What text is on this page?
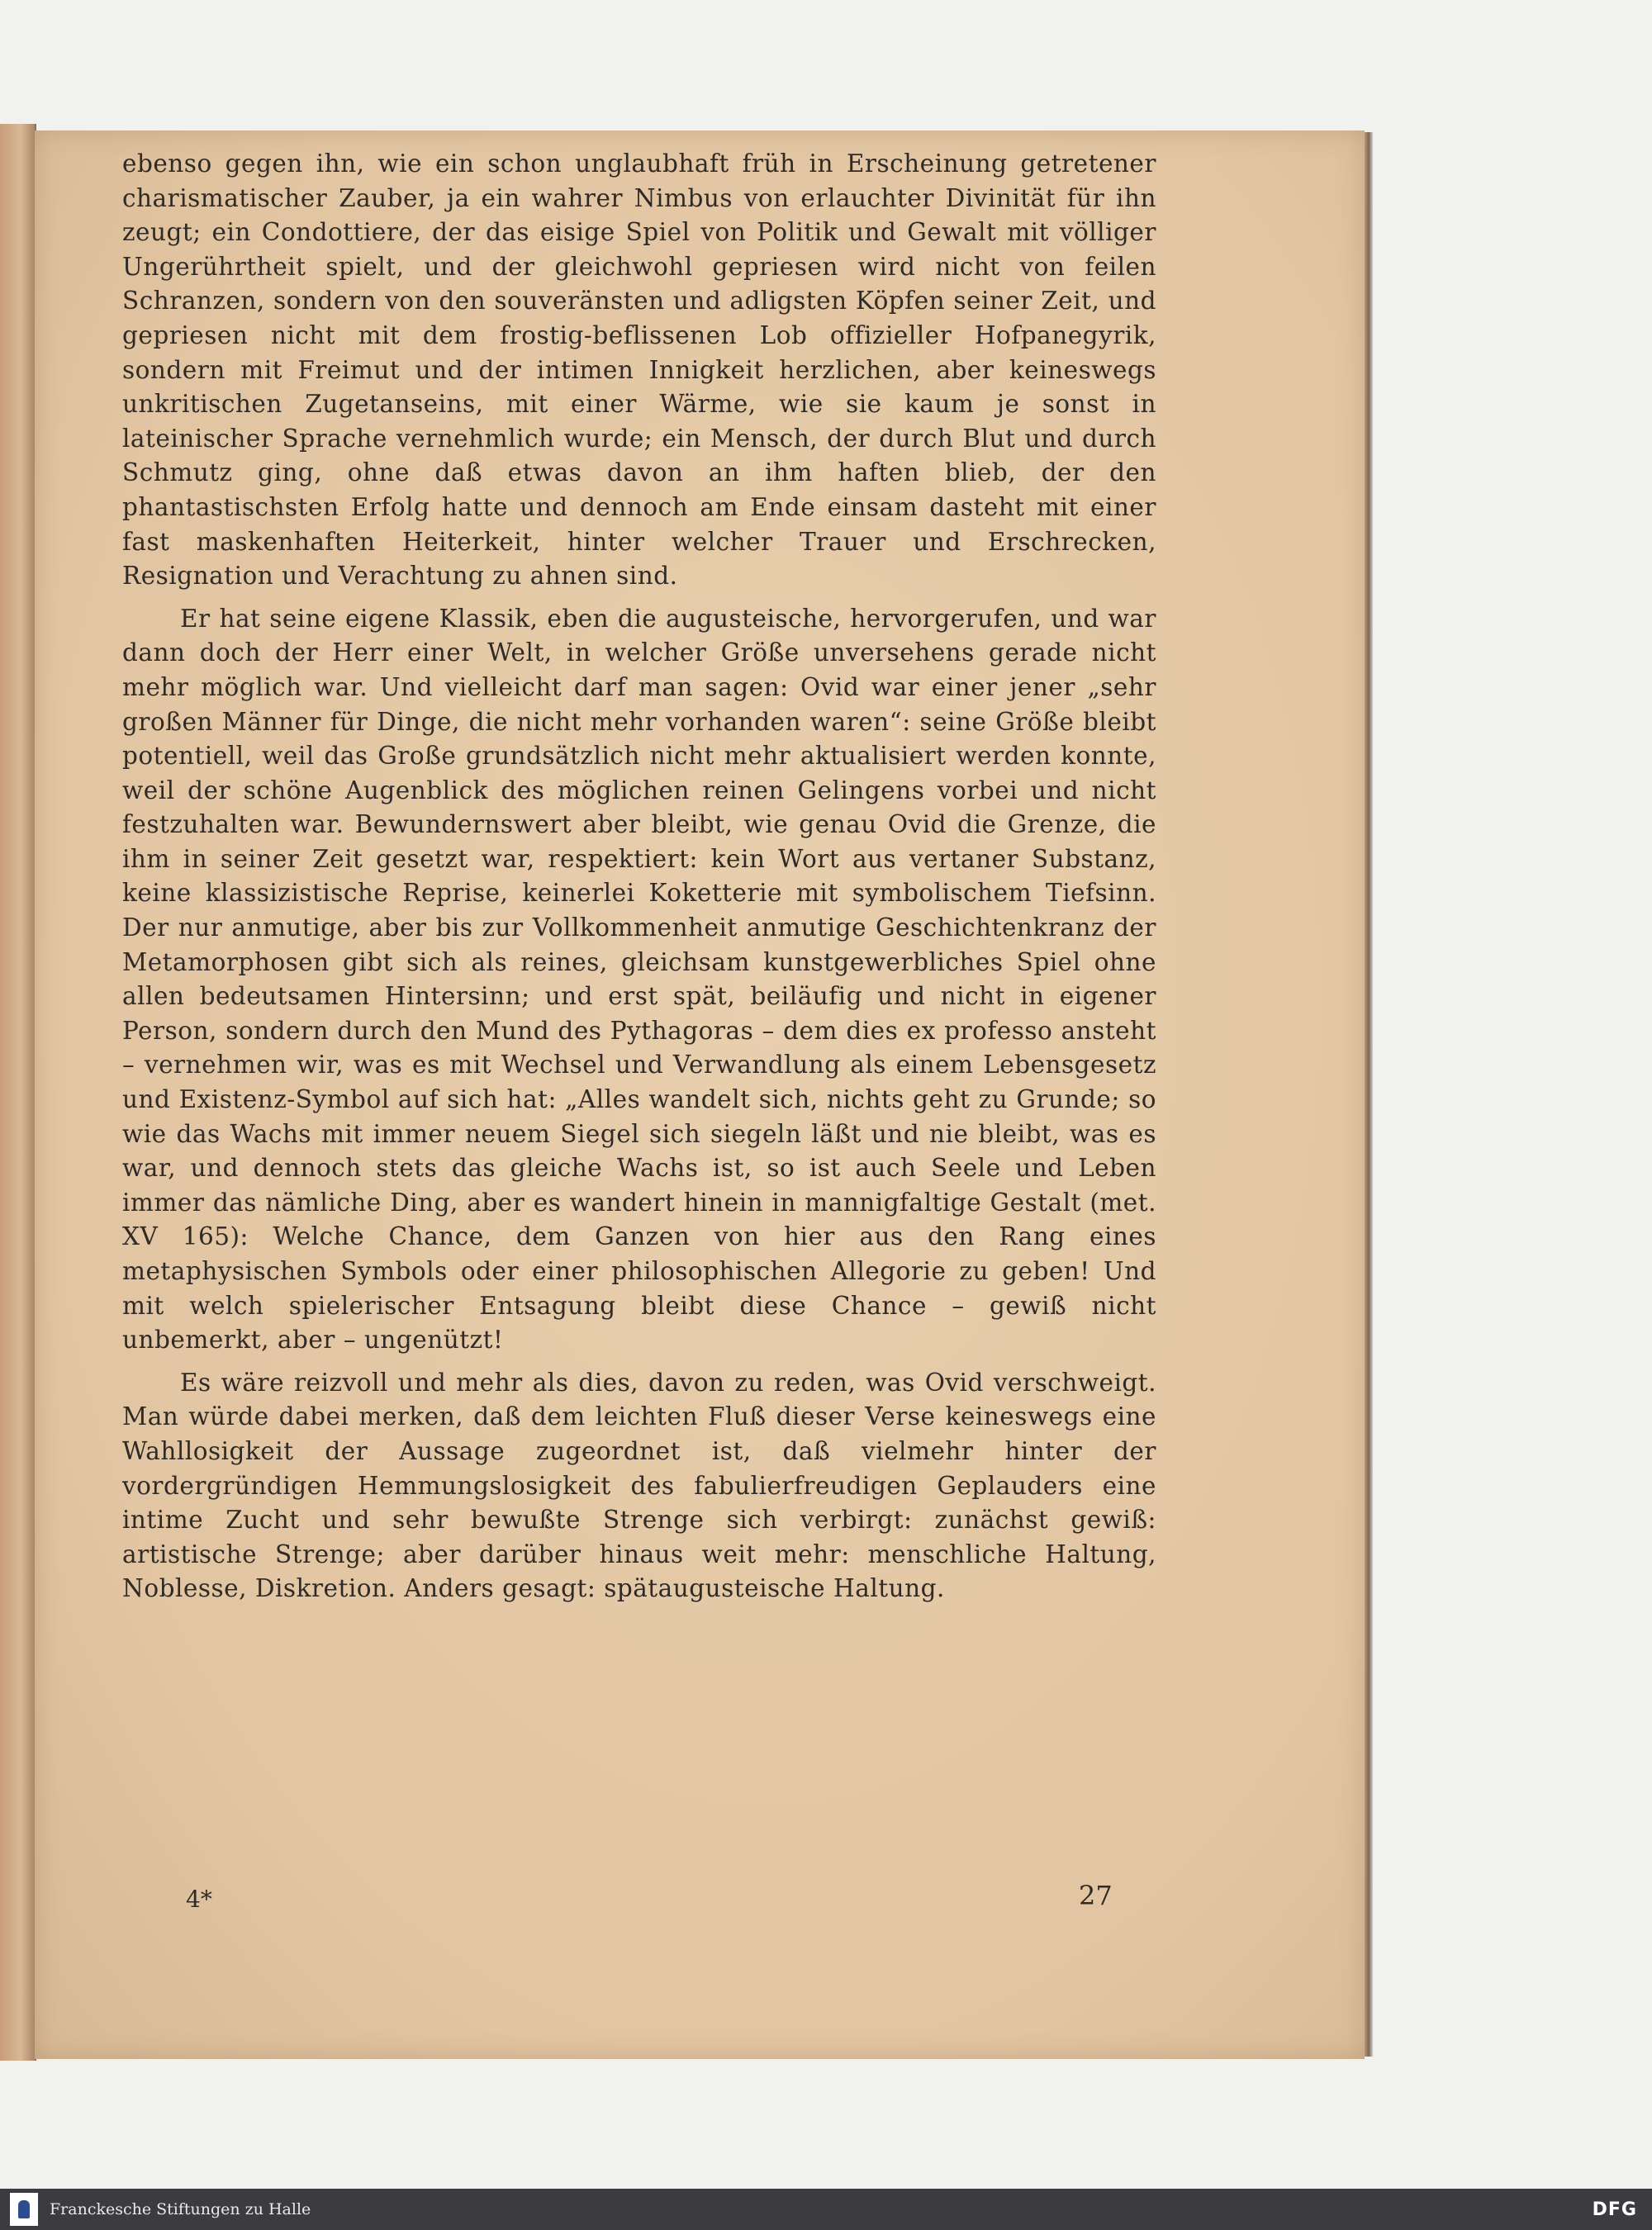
ebenso gegen ihn, wie ein schon unglaubhaft früh in Erscheinung getretener charismatischer Zauber, ja ein wahrer Nimbus von erlauchter Divinität für ihn zeugt; ein Condottiere, der das eisige Spiel von Politik und Gewalt mit völliger Ungerührtheit spielt, und der gleichwohl gepriesen wird nicht von feilen Schranzen, sondern von den souveränsten und adligsten Köpfen seiner Zeit, und gepriesen nicht mit dem frostig-beflissenen Lob offizieller Hofpanegyrik, sondern mit Freimut und der intimen Innigkeit herzlichen, aber keineswegs unkritischen Zugetanseins, mit einer Wärme, wie sie kaum je sonst in lateinischer Sprache vernehmlich wurde; ein Mensch, der durch Blut und durch Schmutz ging, ohne daß etwas davon an ihm haften blieb, der den phantastischsten Erfolg hatte und dennoch am Ende einsam dasteht mit einer fast maskenhaften Heiterkeit, hinter welcher Trauer und Erschrecken, Resignation und Verachtung zu ahnen sind.

Er hat seine eigene Klassik, eben die augusteische, hervorgerufen, und war dann doch der Herr einer Welt, in welcher Größe unversehens gerade nicht mehr möglich war. Und vielleicht darf man sagen: Ovid war einer jener „sehr großen Männer für Dinge, die nicht mehr vorhanden waren“: seine Größe bleibt potentiell, weil das Große grundsätzlich nicht mehr aktualisiert werden konnte, weil der schöne Augenblick des möglichen reinen Gelingens vorbei und nicht festzuhalten war. Bewundernswert aber bleibt, wie genau Ovid die Grenze, die ihm in seiner Zeit gesetzt war, respektiert: kein Wort aus vertaner Substanz, keine klassizistische Reprise, keinerlei Koketterie mit symbolischem Tiefsinn. Der nur anmutige, aber bis zur Vollkommenheit anmutige Geschichtenkranz der Metamorphosen gibt sich als reines, gleichsam kunstgewerbliches Spiel ohne allen bedeutsamen Hintersinn; und erst spät, beiläufig und nicht in eigener Person, sondern durch den Mund des Pythagoras – dem dies ex professo ansteht – vernehmen wir, was es mit Wechsel und Verwandlung als einem Lebensgesetz und Existenz-Symbol auf sich hat: „Alles wandelt sich, nichts geht zu Grunde; so wie das Wachs mit immer neuem Siegel sich siegeln läßt und nie bleibt, was es war, und dennoch stets das gleiche Wachs ist, so ist auch Seele und Leben immer das nämliche Ding, aber es wandert hinein in mannigfaltige Gestalt (met. XV 165): Welche Chance, dem Ganzen von hier aus den Rang eines metaphysischen Symbols oder einer philosophischen Allegorie zu geben! Und mit welch spielerischer Entsagung bleibt diese Chance – gewiß nicht unbemerkt, aber – ungenützt!

Es wäre reizvoll und mehr als dies, davon zu reden, was Ovid verschweigt. Man würde dabei merken, daß dem leichten Fluß dieser Verse keineswegs eine Wahllosigkeit der Aussage zugeordnet ist, daß vielmehr hinter der vordergründigen Hemmungslosigkeit des fabulierfreudigen Geplauders eine intime Zucht und sehr bewußte Strenge sich verbirgt: zunächst gewiß: artistische Strenge; aber darüber hinaus weit mehr: menschliche Haltung, Noblesse, Diskretion. Anders gesagt: spätaugusteische Haltung.

4*	27
Franckesche Stiftungen zu Halle	DFG
